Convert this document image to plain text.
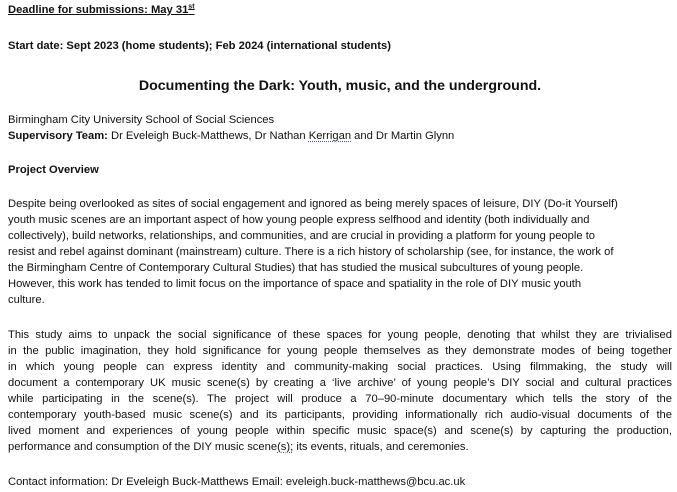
Deadline for submissions: May 31st
Start date: Sept 2023 (home students); Feb 2024 (international students)
Documenting the Dark: Youth, music, and the underground.
Birmingham City University School of Social Sciences
Supervisory Team: Dr Eveleigh Buck-Matthews, Dr Nathan Kerrigan and Dr Martin Glynn
Project Overview
Despite being overlooked as sites of social engagement and ignored as being merely spaces of leisure, DIY (Do-it Yourself)
youth music scenes are an important aspect of how young people express selfhood and identity (both individually and
collectively), build networks, relationships, and communities, and are crucial in providing a platform for young people to
resist and rebel against dominant (mainstream) culture. There is a rich history of scholarship (see, for instance, the work of
the Birmingham Centre of Contemporary Cultural Studies) that has studied the musical subcultures of young people.
However, this work has tended to limit focus on the importance of space and spatiality in the role of DIY music youth
culture.
This study aims to unpack the social significance of these spaces for young people, denoting that whilst they are trivialised
in the public imagination, they hold significance for young people themselves as they demonstrate modes of being together
in which young people can express identity and community-making social practices. Using filmmaking, the study will
document a contemporary UK music scene(s) by creating a ‘live archive’ of young people’s DIY social and cultural practices
while participating in the scene(s). The project will produce a 70–90-minute documentary which tells the story of the
contemporary youth-based music scene(s) and its participants, providing informationally rich audio-visual documents of the
lived moment and experiences of young people within specific music space(s) and scene(s) by capturing the production,
performance and consumption of the DIY music scene(s); its events, rituals, and ceremonies.
Contact information: Dr Eveleigh Buck-Matthews Email: eveleigh.buck-matthews@bcu.ac.uk
